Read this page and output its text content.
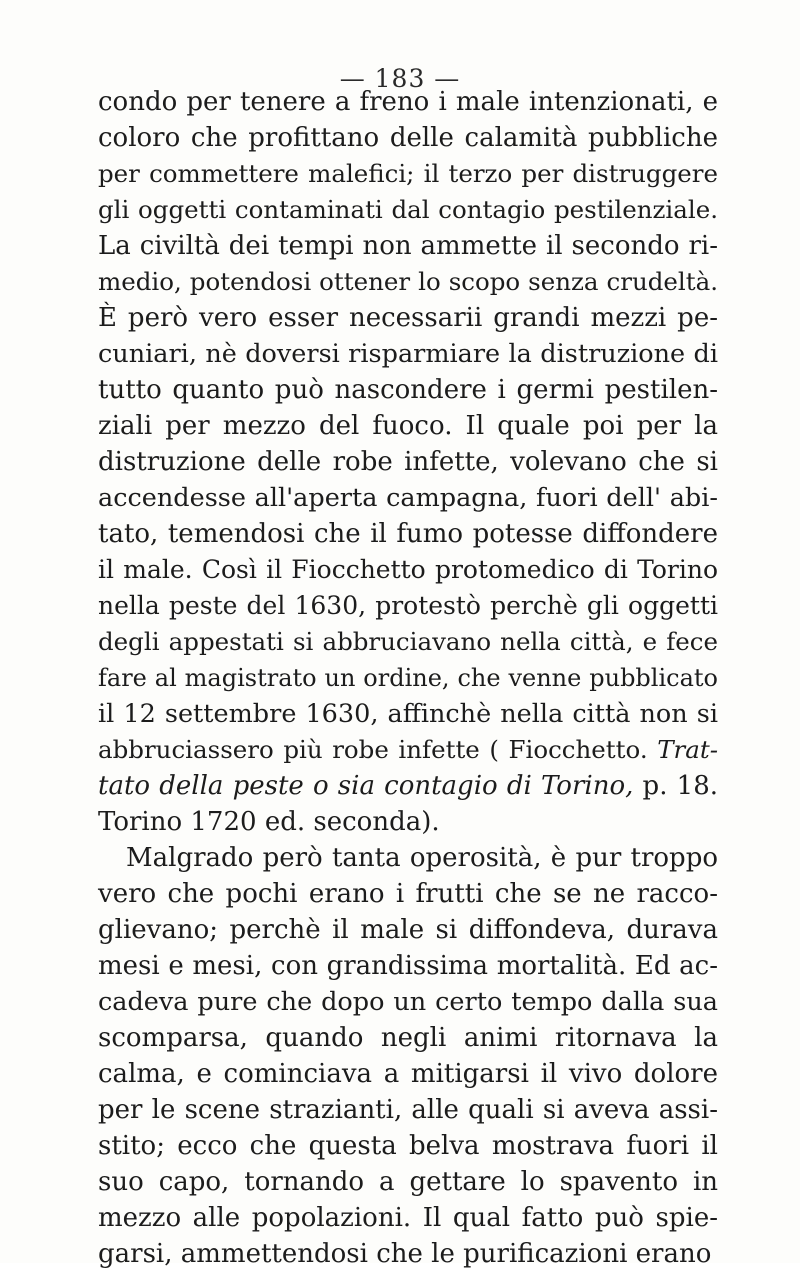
— 183 —
condo per tenere a freno i male intenzionati, e
coloro che profittano delle calamità pubbliche
per commettere malefici; il terzo per distruggere
gli oggetti contaminati dal contagio pestilenziale.
La civiltà dei tempi non ammette il secondo ri-
medio, potendosi ottener lo scopo senza crudeltà.
È però vero esser necessarii grandi mezzi pe-
cuniari, nè doversi risparmiare la distruzione di
tutto quanto può nascondere i germi pestilen-
ziali per mezzo del fuoco. Il quale poi per la
distruzione delle robe infette, volevano che si
accendesse all'aperta campagna, fuori dell' abi-
tato, temendosi che il fumo potesse diffondere
il male. Così il Fiocchetto protomedico di Torino
nella peste del 1630, protestò perchè gli oggetti
degli appestati si abbruciavano nella città, e fece
fare al magistrato un ordine, che venne pubblicato
il 12 settembre 1630, affinchè nella città non si
abbruciassero più robe infette ( Fiocchetto. Trat-
tato della peste o sia contagio di Torino, p. 18.
Torino 1720 ed. seconda).
Malgrado però tanta operosità, è pur troppo
vero che pochi erano i frutti che se ne racco-
glievano; perchè il male si diffondeva, durava
mesi e mesi, con grandissima mortalità. Ed ac-
cadeva pure che dopo un certo tempo dalla sua
scomparsa, quando negli animi ritornava la
calma, e cominciava a mitigarsi il vivo dolore
per le scene strazianti, alle quali si aveva assi-
stito; ecco che questa belva mostrava fuori il
suo capo, tornando a gettare lo spavento in
mezzo alle popolazioni. Il qual fatto può spie-
garsi, ammettendosi che le purificazioni erano
